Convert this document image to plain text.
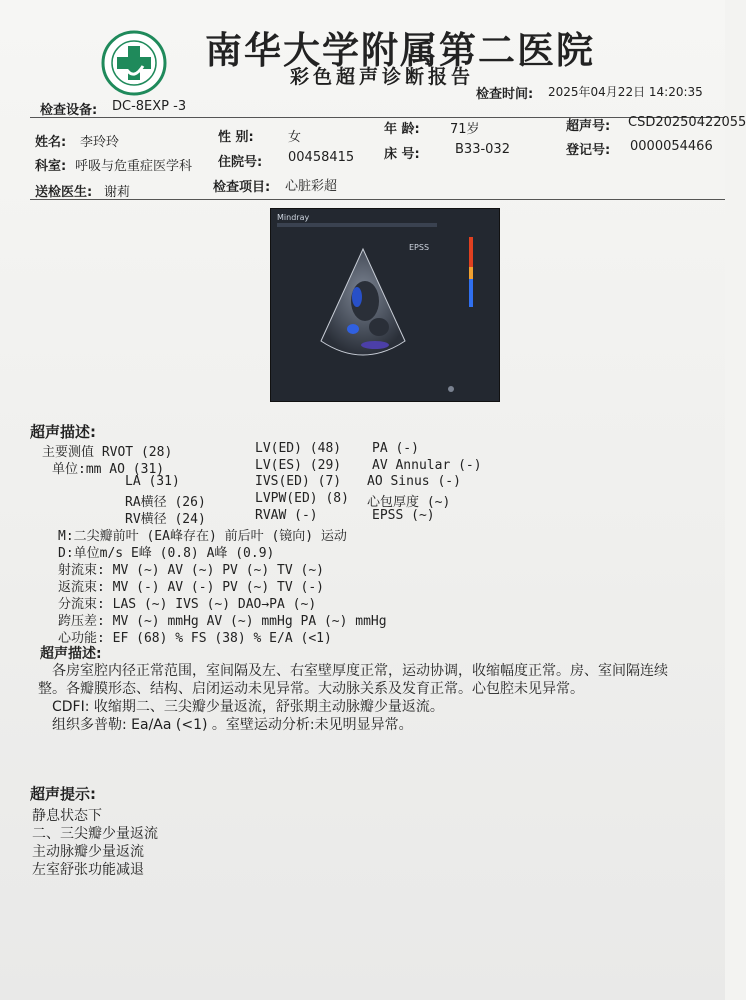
南华大学附属第二医院
彩色超声诊断报告
检查设备: DC-8EXP -3
检查时间: 2025年04月22日 14:20:35
姓名: 李玲玲	性 别:	女
年 龄: 71岁	超声号: CSD20250422055
科室: 呼吸与危重症医学科 住院号: 00458415 床 号:	B33-032	登记号: 0000054466
送检医生: 谢莉	检查项目: 心脏彩超
Mindray
EPSS
超声描述:
主要测值 RVOT (28)	LV(ED) (48) PA (-)
单位:mm AO (31)	LV(ES) (29) AV Annular (-)
LA (31)	IVS(ED) (7) AO Sinus (-)
RA横径 (26)	LVPW(ED) (8) 心包厚度 (~)
RV横径 (24)	RVAW (-)	EPSS (~)
M:二尖瓣前叶 (EA峰存在) 前后叶 (镜向) 运动
D:单位m/s E峰 (0.8) A峰 (0.9)
射流束: MV (~) AV (~) PV (~) TV (~)
返流束: MV (-) AV (-) PV (~) TV (-)
分流束: LAS (~) IVS (~) DAO→PA (~)
跨压差: MV (~) mmHg AV (~) mmHg PA (~) mmHg
心功能: EF (68) % FS (38) % E/A (<1)
超声描述:
各房室腔内径正常范围，室间隔及左、右室壁厚度正常，运动协调，收缩幅度正常。房、室间隔连续
整。各瓣膜形态、结构、启闭运动未见异常。大动脉关系及发育正常。心包腔未见异常。
CDFI: 收缩期二、三尖瓣少量返流，舒张期主动脉瓣少量返流。
组织多普勒: Ea/Aa (<1) 。室壁运动分析:未见明显异常。
超声提示:
静息状态下
二、三尖瓣少量返流
主动脉瓣少量返流
左室舒张功能减退
